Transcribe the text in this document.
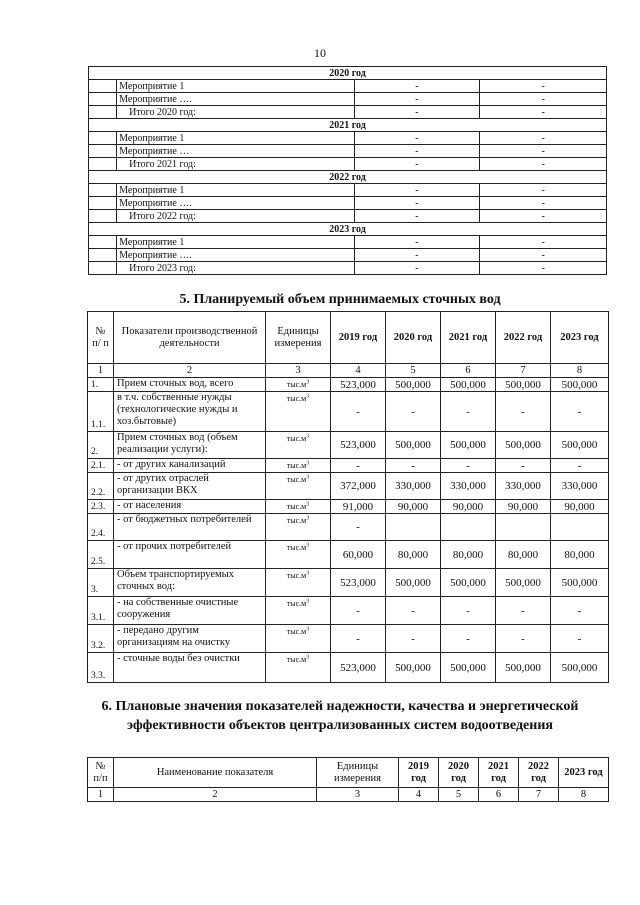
10
2020 год			
	Мероприятие 1	-	-
	Мероприятие ….	-	-
	Итого 2020 год:	-	-
2021 год			
	Мероприятие 1	-	-
	Мероприятие …	-	-
	Итого 2021 год:	-	-
2022 год			
	Мероприятие 1	-	-
	Мероприятие ….	-	-
	Итого 2022 год:	-	-
2023 год			
	Мероприятие 1	-	-
	Мероприятие ….	-	-
	Итого 2023 год:	-	-
5. Планируемый объем принимаемых сточных вод
№ п/ п	Показатели производственной деятельности	Единицы измерения	2019 год	2020 год	2021 год	2022 год	2023 год
1	2	3	4	5	6	7	8
1.	Прием сточных вод, всего	$тыс.м^3$	523,000	500,000	500,000	500,000	500,000
1.1.	в т.ч. собственные нужды (технологические нужды и хоз.бытовые)	$тыс.м^3$	-	-	-	-	-
2.	Прием сточных вод (объем реализации услуги):	$тыс.м^3$	523,000	500,000	500,000	500,000	500,000
2.1.	- от других канализаций	$тыс.м^3$	-	-	-	-	-
2.2.	- от других отраслей организации ВКХ	$тыс.м^3$	372,000	330,000	330,000	330,000	330,000
2.3.	- от населения	$тыс.м^3$	91,000	90,000	90,000	90,000	90,000
2.4.	- от бюджетных потребителей	$тыс.м^3$	-				
2.5.	- от прочих потребителей	$тыс.м^3$	60,000	80,000	80,000	80,000	80,000
3.	Объем транспортируемых сточных вод:	$тыс.м^3$	523,000	500,000	500,000	500,000	500,000
3.1.	- на собственные очистные сооружения	$тыс.м^3$	-	-	-	-	-
3.2.	- передано другим организациям на очистку	$тыс.м^3$	-	-	-	-	-
3.3.	- сточные воды без очистки	$тыс.м^3$	523,000	500,000	500,000	500,000	500,000
6. Плановые значения показателей надежности, качества и энергетической эффективности объектов централизованных систем водоотведения
№ п/п	Наименование показателя	Единицы измерения	2019 год	2020 год	2021 год	2022 год	2023 год
1	2	3	4	5	6	7	8
